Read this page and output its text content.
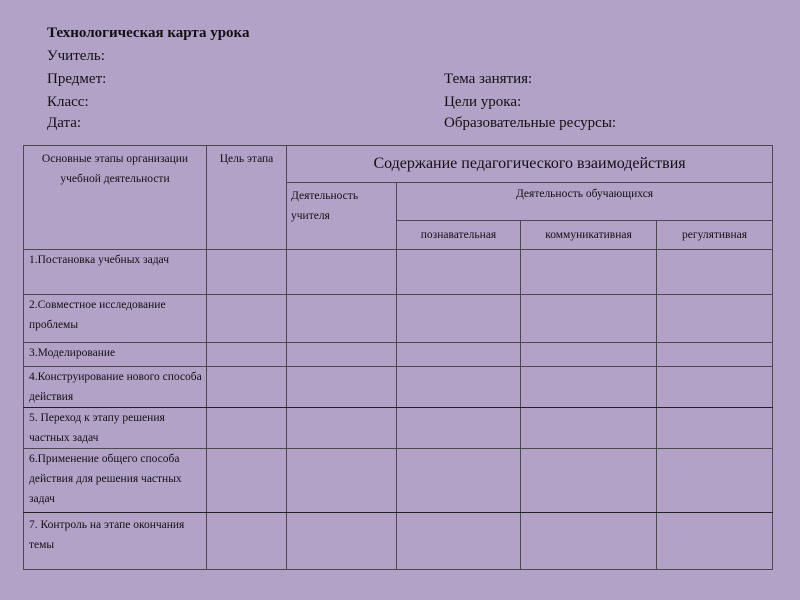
Технологическая карта урока
Учитель:
Предмет:
Класс:
Дата:
Тема занятия:
Цели урока:
Образовательные ресурсы:
Основные этапы организации учебной деятельности	Цель этапа	Содержание педагогического взаимодействия			
		Деятельность учителя	Деятельность обучающихся		
			познавательная	коммуникативная	регулятивная
1.Постановка учебных задач					
2.Совместное исследование проблемы					
3.Моделирование					
4.Конструирование нового способа действия					
5. Переход к этапу решения частных задач					
6.Применение общего способа действия для решения частных задач					
7. Контроль на этапе окончания темы					
